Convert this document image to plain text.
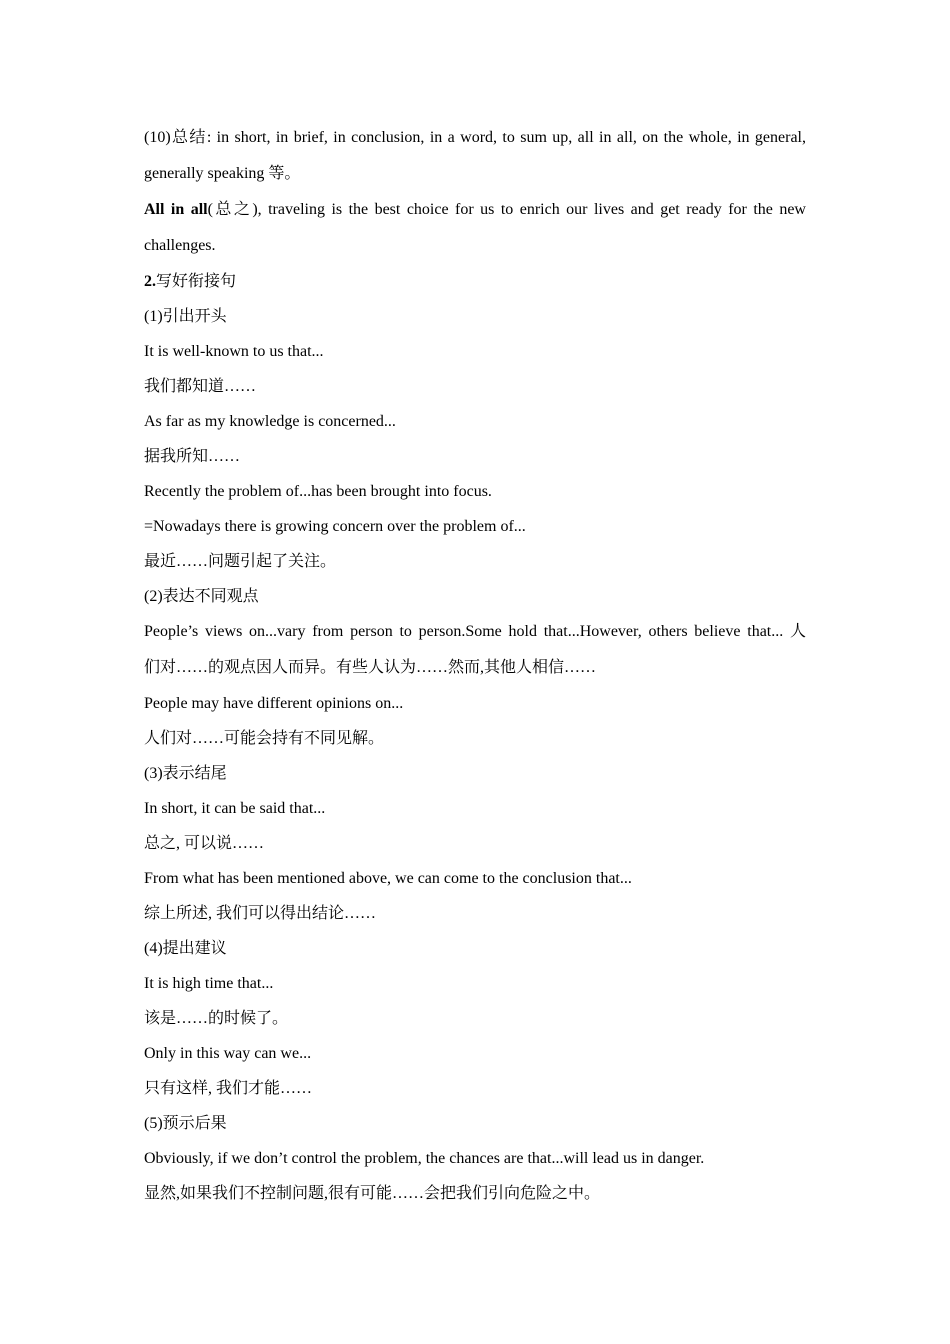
(10)总结: in short, in brief, in conclusion, in a word, to sum up, all in all, on the whole, in general,
generally speaking 等。
All in all(总之), traveling is the best choice for us to enrich our lives and get ready for the new
challenges.
2.写好衔接句
(1)引出开头
It is well-known to us that...
我们都知道……
As far as my knowledge is concerned...
据我所知……
Recently the problem of...has been brought into focus.
=Nowadays there is growing concern over the problem of...
最近……问题引起了关注。
(2)表达不同观点
People’s views on...vary from person to person.Some hold that...However, others believe that... 人
们对……的观点因人而异。有些人认为……然而,其他人相信……
People may have different opinions on...
人们对……可能会持有不同见解。
(3)表示结尾
In short, it can be said that...
总之, 可以说……
From what has been mentioned above, we can come to the conclusion that...
综上所述, 我们可以得出结论……
(4)提出建议
It is high time that...
该是……的时候了。
Only in this way can we...
只有这样, 我们才能……
(5)预示后果
Obviously, if we don’t control the problem, the chances are that...will lead us in danger.
显然,如果我们不控制问题,很有可能……会把我们引向危险之中。
